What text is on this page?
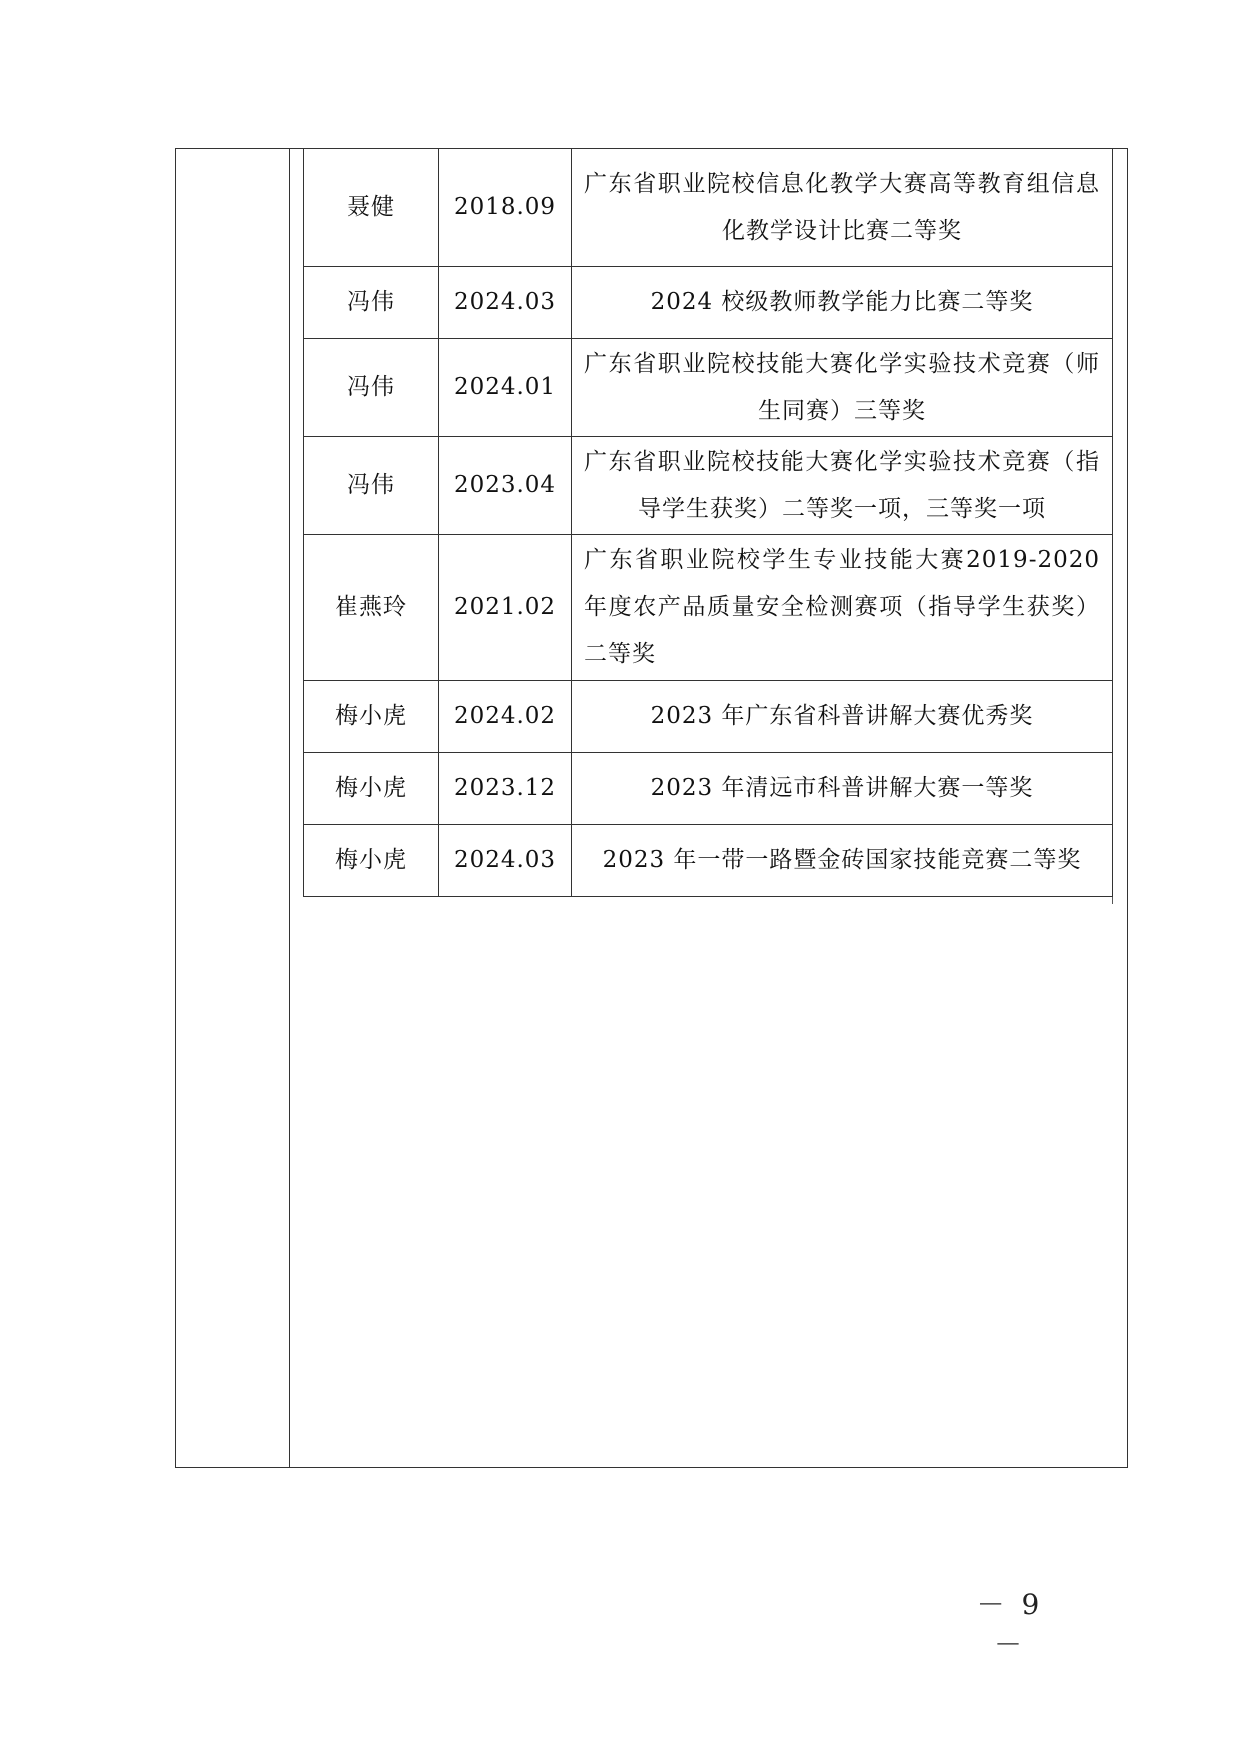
聂健	2018.09	广东省职业院校信息化教学大赛高等教育组信息化教学设计比赛二等奖
冯伟	2024.03	2024 校级教师教学能力比赛二等奖
冯伟	2024.01	广东省职业院校技能大赛化学实验技术竞赛（师生同赛）三等奖
冯伟	2023.04	广东省职业院校技能大赛化学实验技术竞赛（指导学生获奖）二等奖一项，三等奖一项
崔燕玲	2021.02	广东省职业院校学生专业技能大赛2019-2020年度农产品质量安全检测赛项（指导学生获奖）二等奖
梅小虎	2024.02	2023 年广东省科普讲解大赛优秀奖
梅小虎	2023.12	2023 年清远市科普讲解大赛一等奖
梅小虎	2024.03	2023 年一带一路暨金砖国家技能竞赛二等奖
－ 9 －
